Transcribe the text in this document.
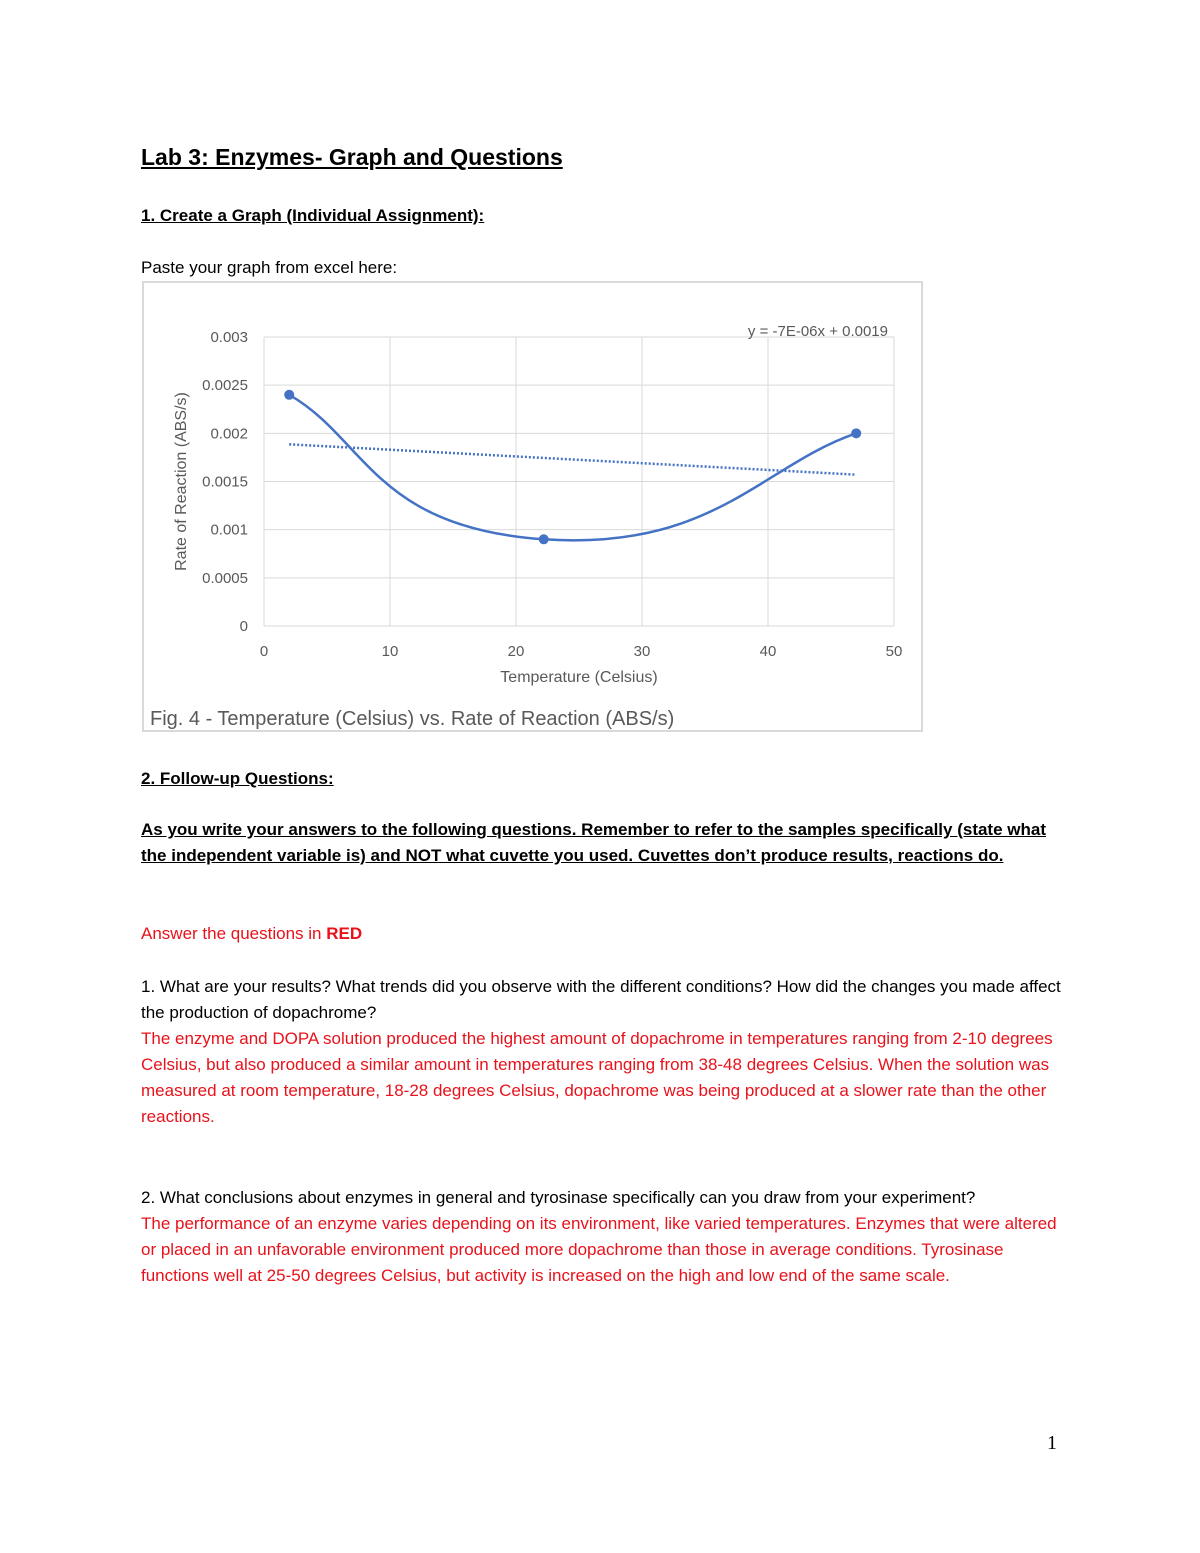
Lab 3: Enzymes- Graph and Questions
1. Create a Graph (Individual Assignment):
Paste your graph from excel here:
0	10	20	30	40	50
0
0.0005
0.001
0.0015
0.002
0.0025
0.003
Temperature (Celsius)
Rate of Reaction (ABS/s)
y = -7E-06x + 0.0019
Fig. 4 - Temperature (Celsius) vs. Rate of Reaction (ABS/s)
2. Follow-up Questions:
As you write your answers to the following questions. Remember to refer to the samples specifically (state what the independent variable is) and NOT what cuvette you used. Cuvettes don’t produce results, reactions do.
Answer the questions in RED
1. What are your results? What trends did you observe with the different conditions? How did the changes you made affect the production of dopachrome?
The enzyme and DOPA solution produced the highest amount of dopachrome in temperatures ranging from 2-10 degrees Celsius, but also produced a similar amount in temperatures ranging from 38-48 degrees Celsius. When the solution was measured at room temperature, 18-28 degrees Celsius, dopachrome was being produced at a slower rate than the other reactions.
2. What conclusions about enzymes in general and tyrosinase specifically can you draw from your experiment?
The performance of an enzyme varies depending on its environment, like varied temperatures. Enzymes that were altered or placed in an unfavorable environment produced more dopachrome than those in average conditions. Tyrosinase functions well at 25-50 degrees Celsius, but activity is increased on the high and low end of the same scale.
1
